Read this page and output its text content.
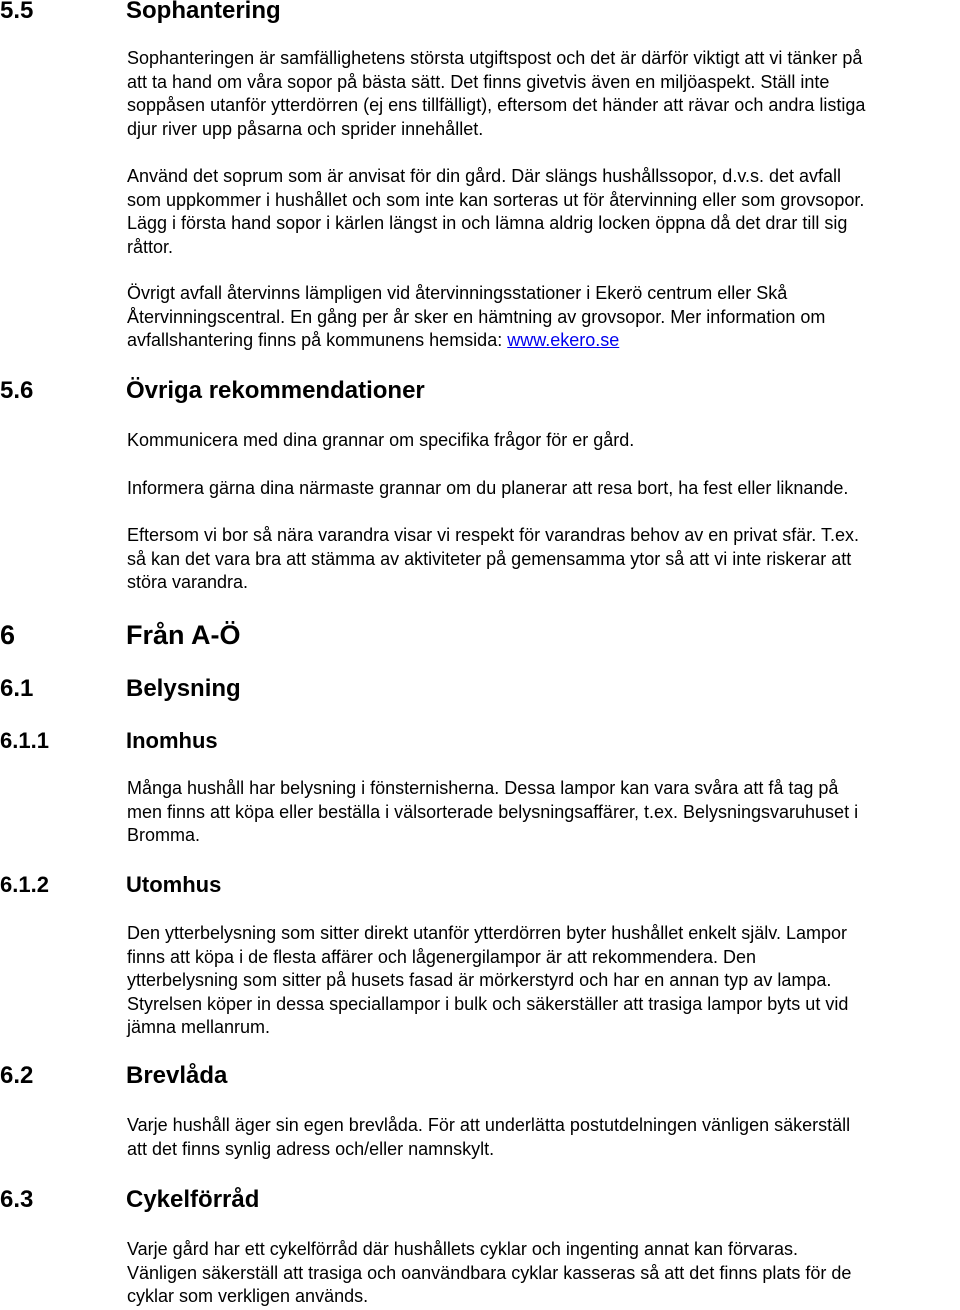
5.5	Sophantering

Sophanteringen är samfällighetens största utgiftspost och det är därför viktigt att vi tänker på
att ta hand om våra sopor på bästa sätt. Det finns givetvis även en miljöaspekt. Ställ inte
soppåsen utanför ytterdörren (ej ens tillfälligt), eftersom det händer att rävar och andra listiga
djur river upp påsarna och sprider innehållet.

Använd det soprum som är anvisat för din gård. Där slängs hushållssopor, d.v.s. det avfall
som uppkommer i hushållet och som inte kan sorteras ut för återvinning eller som grovsopor.
Lägg i första hand sopor i kärlen längst in och lämna aldrig locken öppna då det drar till sig
råttor.

Övrigt avfall återvinns lämpligen vid återvinningsstationer i Ekerö centrum eller Skå
Återvinningscentral. En gång per år sker en hämtning av grovsopor. Mer information om
avfallshantering finns på kommunens hemsida: www.ekero.se

5.6	Övriga rekommendationer

Kommunicera med dina grannar om specifika frågor för er gård.

Informera gärna dina närmaste grannar om du planerar att resa bort, ha fest eller liknande.

Eftersom vi bor så nära varandra visar vi respekt för varandras behov av en privat sfär. T.ex.
så kan det vara bra att stämma av aktiviteter på gemensamma ytor så att vi inte riskerar att
störa varandra.

6	Från A-Ö
6.1	Belysning
6.1.1	Inomhus

Många hushåll har belysning i fönsternisherna. Dessa lampor kan vara svåra att få tag på
men finns att köpa eller beställa i välsorterade belysningsaffärer, t.ex. Belysningsvaruhuset i
Bromma.

6.1.2	Utomhus

Den ytterbelysning som sitter direkt utanför ytterdörren byter hushållet enkelt själv. Lampor
finns att köpa i de flesta affärer och lågenergilampor är att rekommendera. Den
ytterbelysning som sitter på husets fasad är mörkerstyrd och har en annan typ av lampa.
Styrelsen köper in dessa speciallampor i bulk och säkerställer att trasiga lampor byts ut vid
jämna mellanrum.

6.2	Brevlåda

Varje hushåll äger sin egen brevlåda. För att underlätta postutdelningen vänligen säkerställ
att det finns synlig adress och/eller namnskylt.

6.3	Cykelförråd

Varje gård har ett cykelförråd där hushållets cyklar och ingenting annat kan förvaras.
Vänligen säkerställ att trasiga och oanvändbara cyklar kasseras så att det finns plats för de
cyklar som verkligen används.
